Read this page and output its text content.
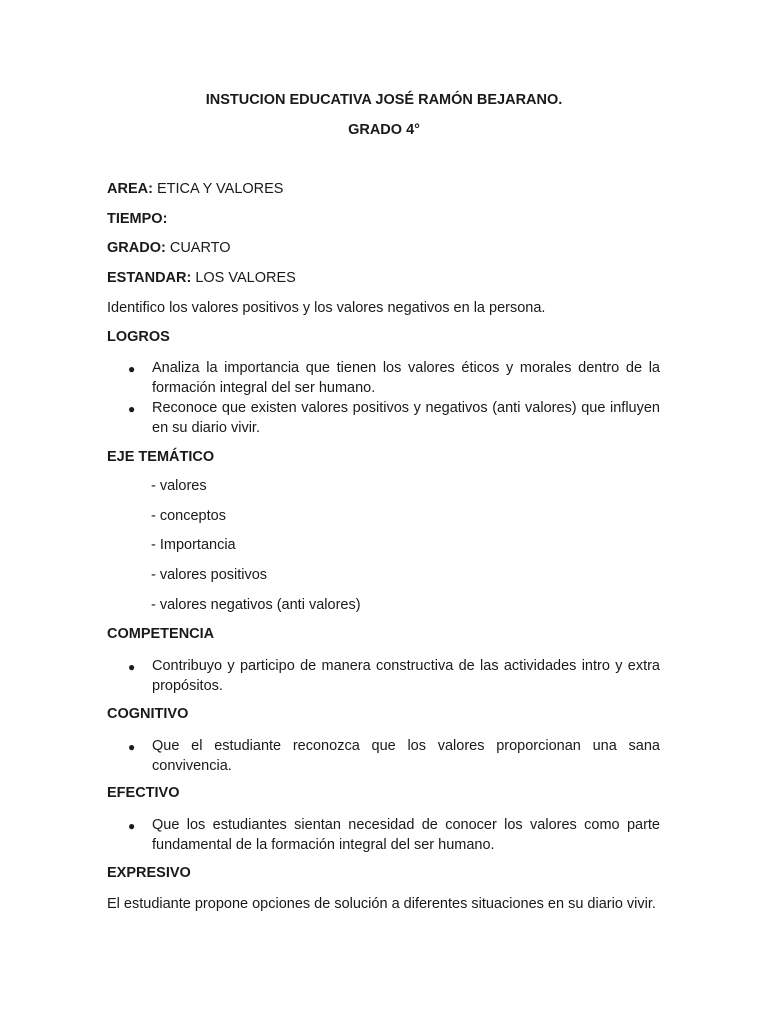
INSTUCION EDUCATIVA JOSÉ RAMÓN BEJARANO.
GRADO 4°
AREA: ETICA Y VALORES
TIEMPO:
GRADO: CUARTO
ESTANDAR: LOS VALORES
Identifico los valores positivos y los valores negativos en la persona.
LOGROS
● Analiza la importancia que tienen los valores éticos y morales dentro de la formación integral del ser humano.
● Reconoce que existen valores positivos y negativos (anti valores) que influyen en su diario vivir.
EJE TEMÁTICO
- valores
- conceptos
- Importancia
- valores positivos
- valores negativos (anti valores)
COMPETENCIA
● Contribuyo y participo de manera constructiva de las actividades intro y extra propósitos.
COGNITIVO
● Que el estudiante reconozca que los valores proporcionan una sana convivencia.
EFECTIVO
● Que los estudiantes sientan necesidad de conocer los valores como parte fundamental de la formación integral del ser humano.
EXPRESIVO
El estudiante propone opciones de solución a diferentes situaciones en su diario vivir.
